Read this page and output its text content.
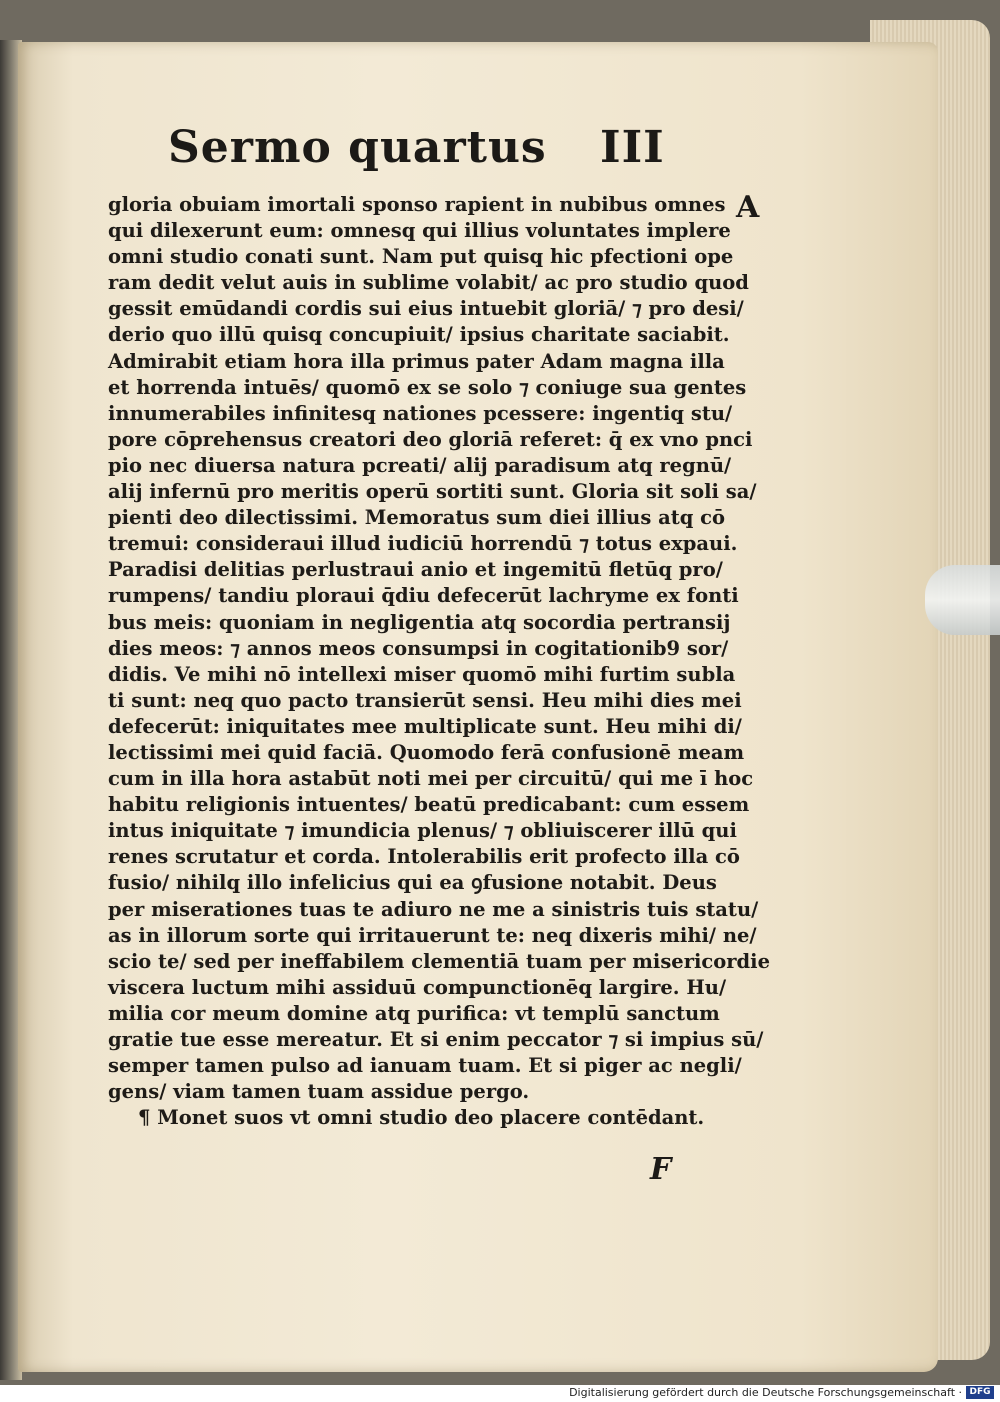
Sermo quartus III
A
gloria obuiam imortali sponso rapient in nubibus omnes
qui dilexerunt eum: omnesq̧ qui illius voluntates implere
omni studio conati sunt. Nam put quisq̧ hic pfectioni ope
ram dedit velut auis in sublime volabit/ ac pro studio quod
gessit emūdandi cordis sui eius intuebit gloriā/ ⁊ pro desi/
derio quo illū quisq̧ concupiuit/ ipsius charitate saciabit.
Admirabit etiam hora illa primus pater Adam magna illa
et horrenda intuēs/ quomō ex se solo ⁊ coniuge sua gentes
innumerabiles infinitesq̧ nationes pcessere: ingentiq̧ stu/
pore cōprehensus creatori deo gloriā referet: q̄ ex vno pnci
pio nec diuersa natura pcreati/ alij paradisum atq̧ regnū/
alij infernū pro meritis operū sortiti sunt. Gloria sit soli sa/
pienti deo dilectissimi. Memoratus sum diei illius atq̧ cō
tremui: consideraui illud iudiciū horrendū ⁊ totus expaui.
Paradisi delitias perlustraui anio et ingemitū fletūq̧ pro/
rumpens/ tandiu ploraui q̄diu defecerūt lachryme ex fonti
bus meis: quoniam in negligentia atq̧ socordia pertransij
dies meos: ⁊ annos meos consumpsi in cogitationib9 sor/
didis. Ve mihi nō intellexi miser quomō mihi furtim subla
ti sunt: neq̧ quo pacto transierūt sensi. Heu mihi dies mei
defecerūt: iniquitates mee multiplicate sunt. Heu mihi di/
lectissimi mei quid faciā. Quomodo ferā confusionē meam
cum in illa hora astabūt noti mei per circuitū/ qui me ī hoc
habitu religionis intuentes/ beatū predicabant: cum essem
intus iniquitate ⁊ imundicia plenus/ ⁊ obliuiscerer illū qui
renes scrutatur et corda. Intolerabilis erit profecto illa cō
fusio/ nihilq̧ illo infelicius qui ea ꝯfusione notabit. Deus
per miserationes tuas te adiuro ne me a sinistris tuis statu/
as in illorum sorte qui irritauerunt te: neq̧ dixeris mihi/ ne/
scio te/ sed per ineffabilem clementiā tuam per misericordie
viscera luctum mihi assiduū compunctionēq̧ largire. Hu/
milia cor meum domine atq̧ purifica: vt templū sanctum
gratie tue esse mereatur. Et si enim peccator ⁊ si impius sū/
semper tamen pulso ad ianuam tuam. Et si piger ac negli/
gens/ viam tamen tuam assidue pergo.
¶ Monet suos vt omni studio deo placere contēdant.
F
Digitalisierung gefördert durch die Deutsche Forschungsgemeinschaft · DFG
